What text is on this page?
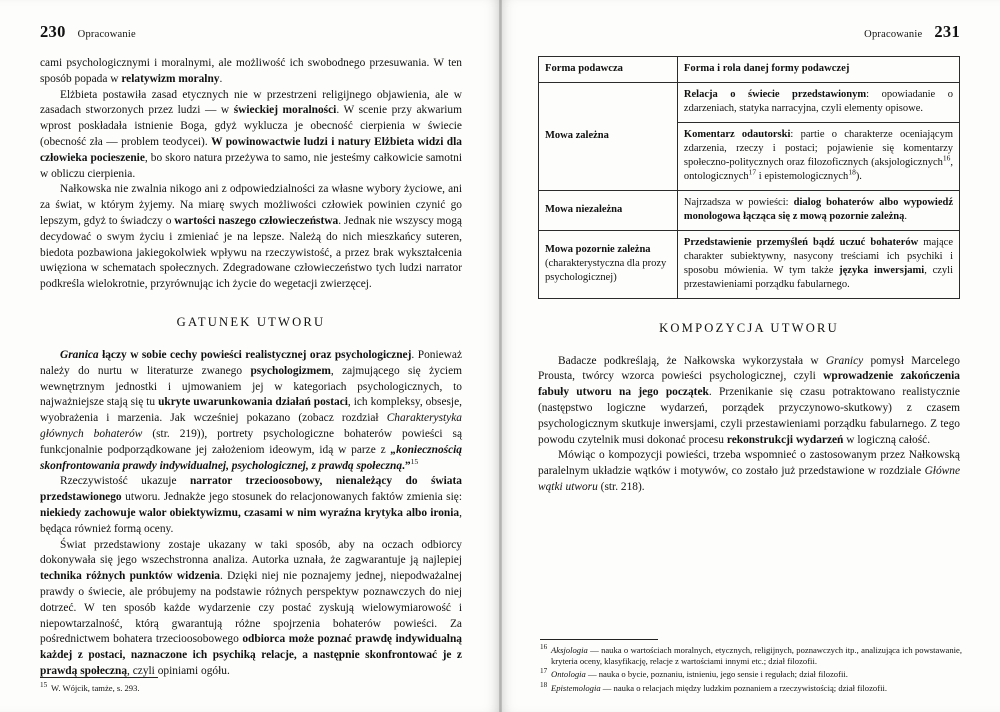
230 Opracowanie

cami psychologicznymi i moralnymi, ale możliwość ich swobodnego przesuwania. W ten sposób popada w relatywizm moralny.

Elżbieta postawiła zasad etycznych nie w przestrzeni religijnego objawienia, ale w zasadach stworzonych przez ludzi — w świeckiej moralności. W scenie przy akwarium wprost poskładała istnienie Boga, gdyż wyklucza je obecność cierpienia w świecie (obecność zła — problem teodycei). W powinowactwie ludzi i natury Elżbieta widzi dla człowieka pocieszenie, bo skoro natura przeżywa to samo, nie jesteśmy całkowicie samotni w obliczu cierpienia.

Nałkowska nie zwalnia nikogo ani z odpowiedzialności za własne wybory życiowe, ani za świat, w którym żyjemy. Na miarę swych możliwości człowiek powinien czynić go lepszym, gdyż to świadczy o wartości naszego człowieczeństwa. Jednak nie wszyscy mogą decydować o swym życiu i zmieniać je na lepsze. Należą do nich mieszkańcy suteren, biedota pozbawiona jakiegokolwiek wpływu na rzeczywistość, a przez brak wykształcenia uwięziona w schematach społecznych. Zdegradowane człowieczeństwo tych ludzi narrator podkreśla wielokrotnie, przyrównując ich życie do wegetacji zwierzęcej.

GATUNEK UTWORU

Granica łączy w sobie cechy powieści realistycznej oraz psychologicznej. Ponieważ należy do nurtu w literaturze zwanego psychologizmem, zajmującego się życiem wewnętrznym jednostki i ujmowaniem jej w kategoriach psychologicznych, to najważniejsze stają się tu ukryte uwarunkowania działań postaci, ich kompleksy, obsesje, wyobrażenia i marzenia. Jak wcześniej pokazano (zobacz rozdział Charakterystyka głównych bohaterów (str. 219)), portrety psychologiczne bohaterów powieści są funkcjonalnie podporządkowane jej założeniom ideowym, idą w parze z „koniecznością skonfrontowania prawdy indywidualnej, psychologicznej, z prawdą społeczną.”$^{15}$

Rzeczywistość ukazuje narrator trzecioosobowy, nienależący do świata przedstawionego utworu. Jednakże jego stosunek do relacjonowanych faktów zmienia się: niekiedy zachowuje walor obiektywizmu, czasami w nim wyraźna krytyka albo ironia, będąca również formą oceny.

Świat przedstawiony zostaje ukazany w taki sposób, aby na oczach odbiorcy dokonywała się jego wszechstronna analiza. Autorka uznała, że zagwarantuje ją najlepiej technika różnych punktów widzenia. Dzięki niej nie poznajemy jednej, niepodważalnej prawdy o świecie, ale próbujemy na podstawie różnych perspektyw poznawczych do niej dotrzeć. W ten sposób każde wydarzenie czy postać zyskują wielowymiarowość i niepowtarzalność, którą gwarantują różne spojrzenia bohaterów powieści. Za pośrednictwem bohatera trzecioosobowego odbiorca może poznać prawdę indywidualną każdej z postaci, naznaczone ich psychiką relacje, a następnie skonfrontować je z prawdą społeczną, czyli opiniami ogółu.

15 W. Wójcik, tamże, s. 293.

Opracowanie 231
Forma podawcza	Forma i rola danej formy podawczej
Mowa zależna	Relacja o świecie przedstawionym: opowiadanie o zdarzeniach, statyka narracyjna, czyli elementy opisowe.
	Komentarz odautorski: partie o charakterze oceniającym zdarzenia, rzeczy i postaci; pojawienie się komentarzy społeczno-politycznych oraz filozoficznych (aksjologicznych$^{16}$, ontologicznych$^{17}$ i epistemologicznych$^{18}$).

Mowa niezależna	Najrzadsza w powieści: dialog bohaterów albo wypowiedź monologowa łącząca się z mową pozornie zależną.

Mowa pozornie zależna
(charakterystyczna dla prozy psychologicznej)	Przedstawienie przemyśleń bądź uczuć bohaterów mające charakter subiektywny, nasycony treściami ich psychiki i sposobu mówienia. W tym także języka inwersjami, czyli przestawieniami porządku fabularnego.
KOMPOZYCJA UTWORU

Badacze podkreślają, że Nałkowska wykorzystała w Granicy pomysł Marcelego Prousta, twórcy wzorca powieści psychologicznej, czyli wprowadzenie zakończenia fabuły utworu na jego początek. Przenikanie się czasu potraktowano realistycznie (następstwo logiczne wydarzeń, porządek przyczynowo-skutkowy) z czasem psychologicznym skutkuje inwersjami, czyli przestawieniami porządku fabularnego. Z tego powodu czytelnik musi dokonać procesu rekonstrukcji wydarzeń w logiczną całość.

Mówiąc o kompozycji powieści, trzeba wspomnieć o zastosowanym przez Nałkowską paralelnym układzie wątków i motywów, co zostało już przedstawione w rozdziale Główne wątki utworu (str. 218).

16 Aksjologia — nauka o wartościach moralnych, etycznych, religijnych, poznawczych itp., analizująca ich powstawanie, kryteria oceny, klasyfikację, relacje z wartościami innymi etc.; dział filozofii.

17 Ontologia — nauka o bycie, poznaniu, istnieniu, jego sensie i regułach; dział filozofii.

18 Epistemologia — nauka o relacjach między ludzkim poznaniem a rzeczywistością; dział filozofii.
